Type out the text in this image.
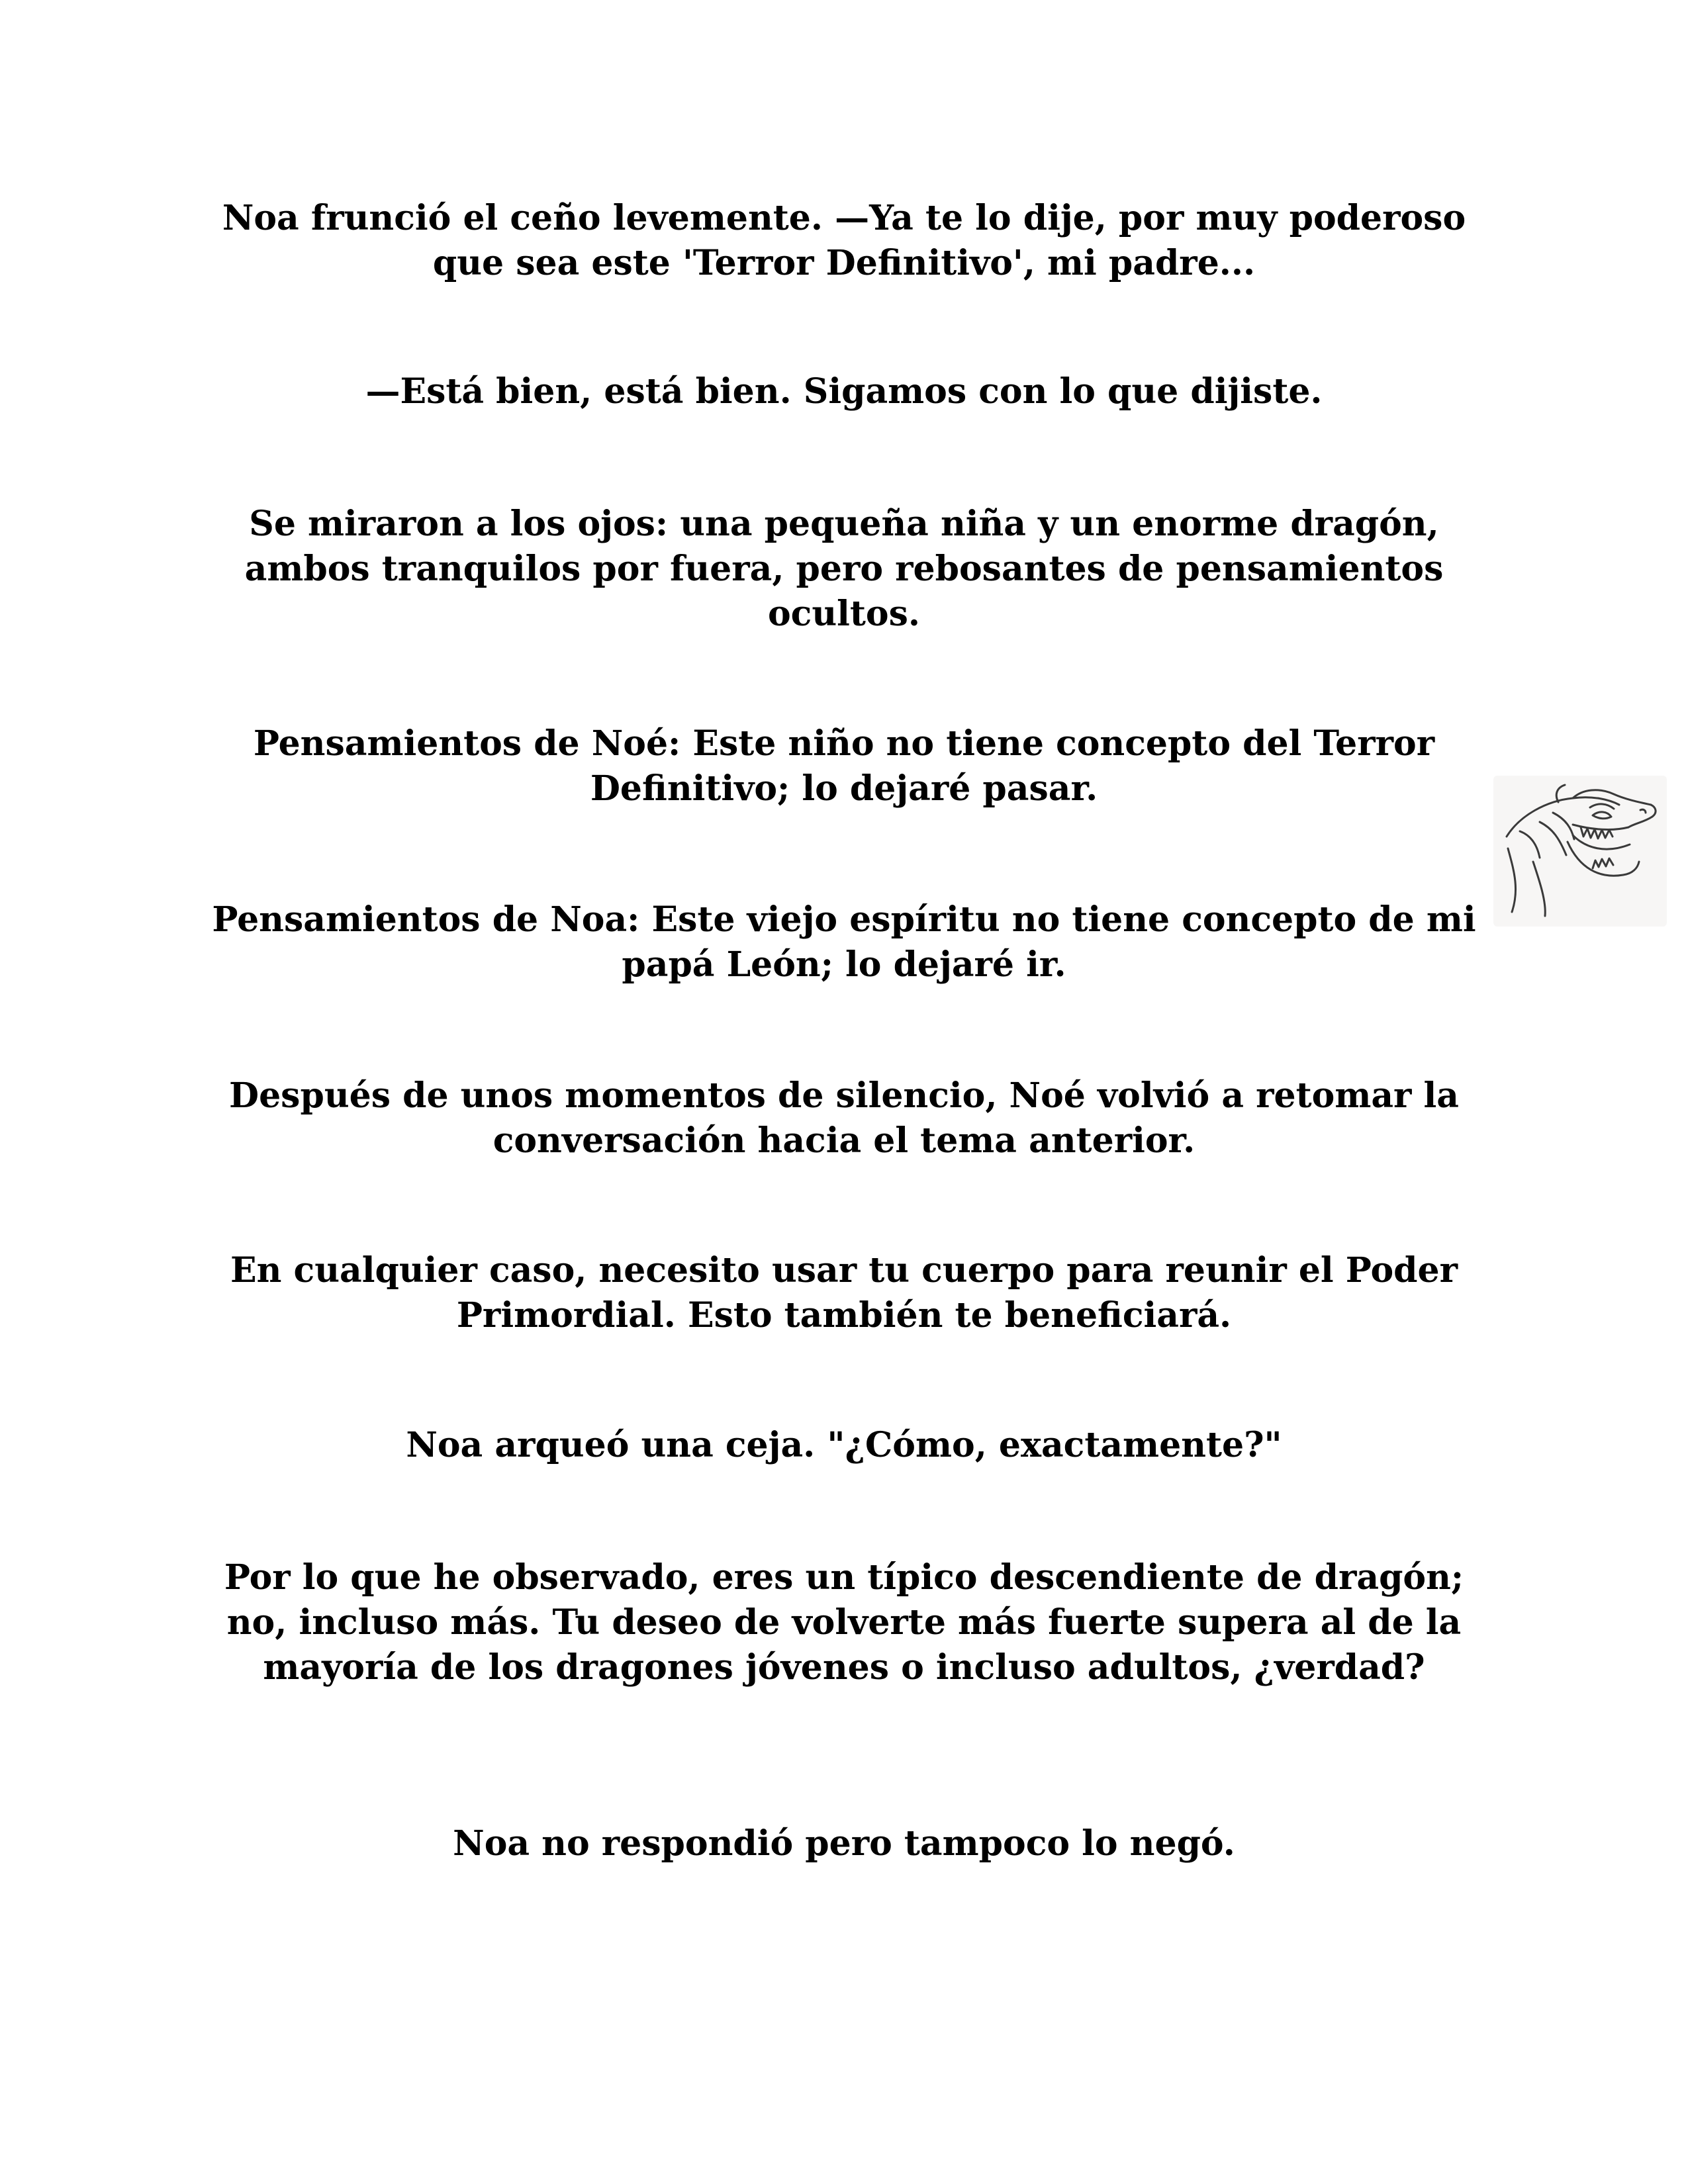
Noa frunció el ceño levemente. —Ya te lo dije, por muy poderoso que sea este 'Terror Definitivo', mi padre...

—Está bien, está bien. Sigamos con lo que dijiste.

Se miraron a los ojos: una pequeña niña y un enorme dragón, ambos tranquilos por fuera, pero rebosantes de pensamientos ocultos.

Pensamientos de Noé: Este niño no tiene concepto del Terror Definitivo; lo dejaré pasar.

Pensamientos de Noa: Este viejo espíritu no tiene concepto de mi papá León; lo dejaré ir.

Después de unos momentos de silencio, Noé volvió a retomar la conversación hacia el tema anterior.

En cualquier caso, necesito usar tu cuerpo para reunir el Poder Primordial. Esto también te beneficiará.

Noa arqueó una ceja. "¿Cómo, exactamente?"

Por lo que he observado, eres un típico descendiente de dragón; no, incluso más. Tu deseo de volverte más fuerte supera al de la mayoría de los dragones jóvenes o incluso adultos, ¿verdad?

Noa no respondió pero tampoco lo negó.
